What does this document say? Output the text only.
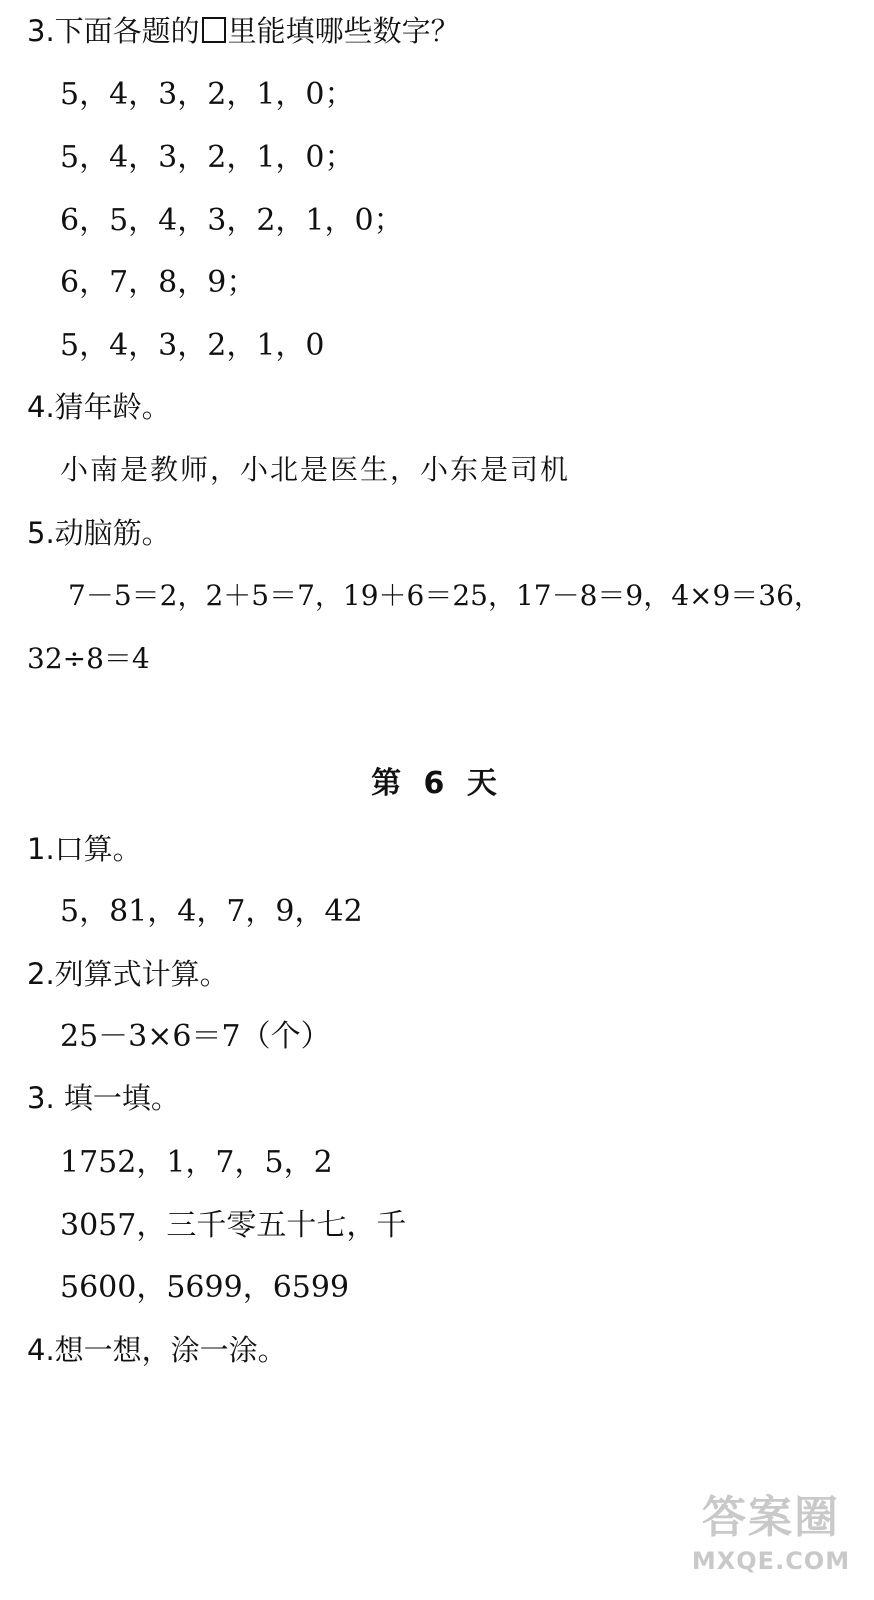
3.下面各题的 里能填哪些数字？
5，4，3，2，1，0；
5，4，3，2，1，0；
6，5，4，3，2，1，0；
6，7，8，9；
5，4，3，2，1，0
4.猜年龄。
小南是教师，小北是医生，小东是司机
5.动脑筋。
7－5＝2，2＋5＝7，19＋6＝25，17－8＝9，4×9＝36，
32÷8＝4
第 6 天
1.口算。
5，81，4，7，9，42
2.列算式计算。
25－3×6＝7（个）
3. 填一填。
1752，1，7，5，2
3057，三千零五十七，千
5600，5699，6599
4.想一想，涂一涂。
答案圈
MXQE.COM
